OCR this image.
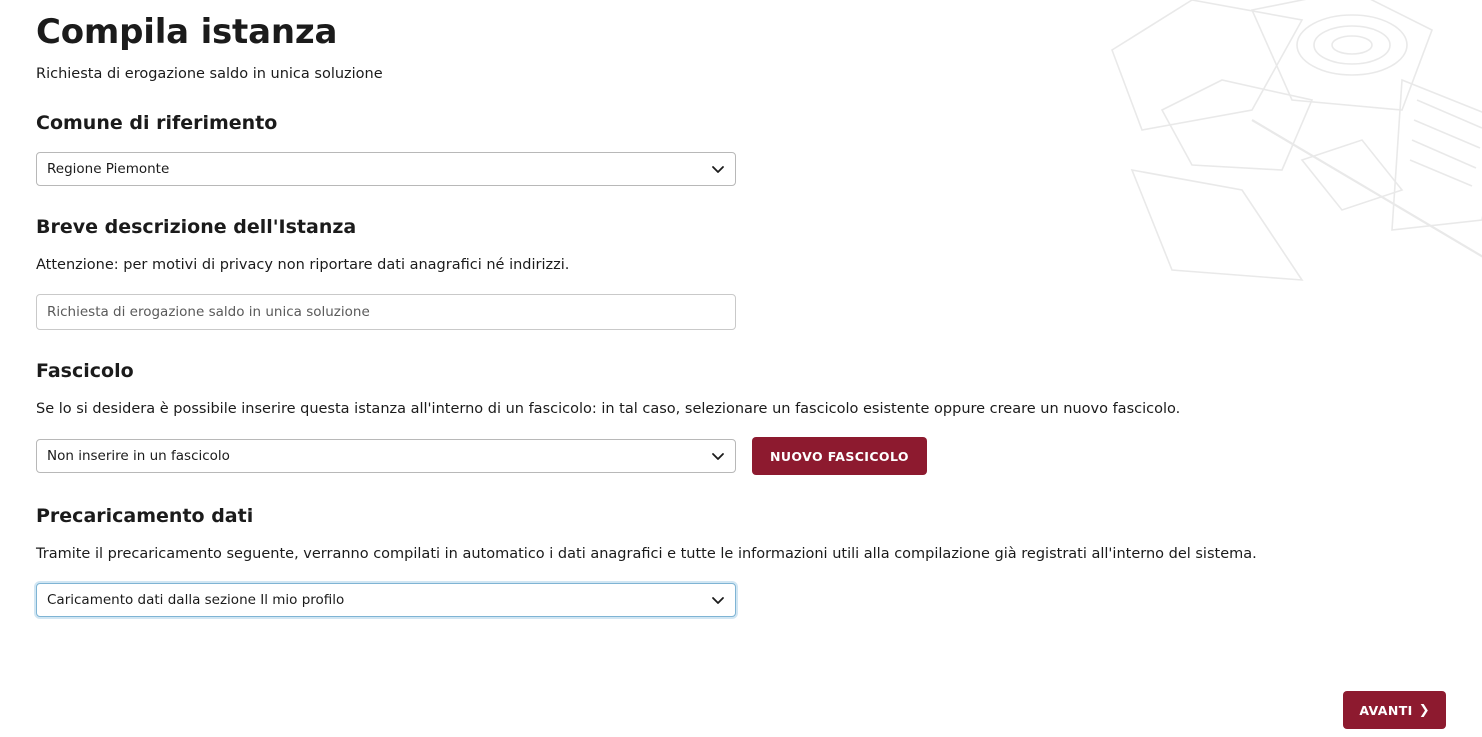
Compila istanza
Richiesta di erogazione saldo in unica soluzione
Comune di riferimento
Regione Piemonte
Breve descrizione dell'Istanza
Attenzione: per motivi di privacy non riportare dati anagrafici né indirizzi.
Richiesta di erogazione saldo in unica soluzione
Fascicolo
Se lo si desidera è possibile inserire questa istanza all'interno di un fascicolo: in tal caso, selezionare un fascicolo esistente oppure creare un nuovo fascicolo.
Non inserire in un fascicolo	NUOVO FASCICOLO
Precaricamento dati
Tramite il precaricamento seguente, verranno compilati in automatico i dati anagrafici e tutte le informazioni utili alla compilazione già registrati all'interno del sistema.
Caricamento dati dalla sezione Il mio profilo
AVANTI ❯
